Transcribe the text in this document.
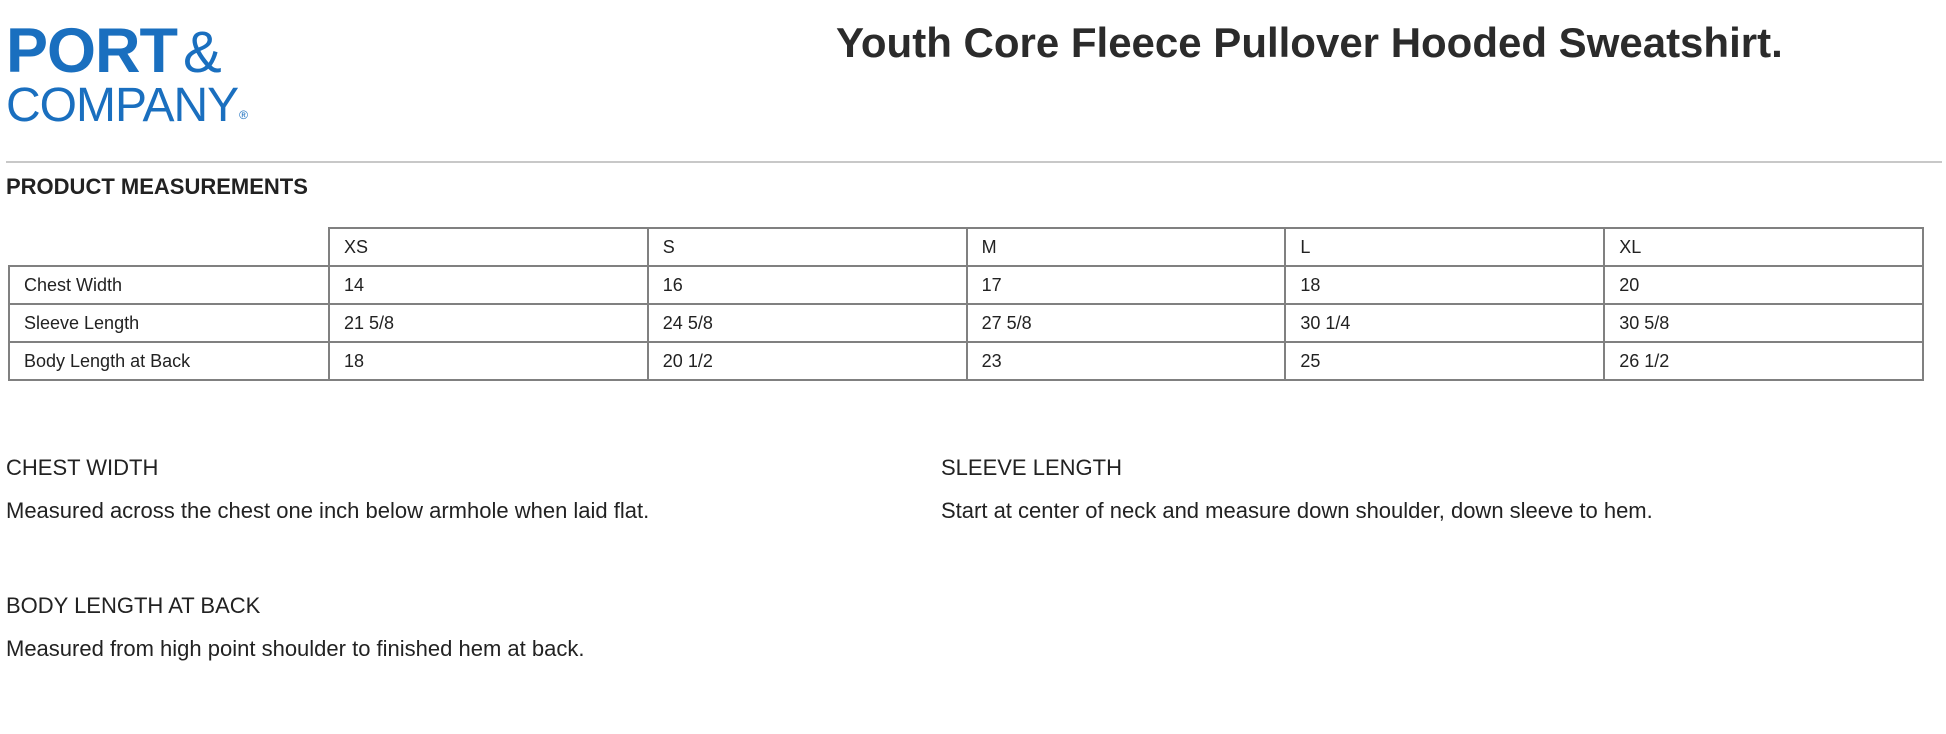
PORT &
COMPANY®
Youth Core Fleece Pullover Hooded Sweatshirt.
PRODUCT MEASUREMENTS
	XS	S	M	L	XL
Chest Width	14	16	17	18	20
Sleeve Length	21 5/8	24 5/8	27 5/8	30 1/4	30 5/8
Body Length at Back	18	20 1/2	23	25	26 1/2
CHEST WIDTH
Measured across the chest one inch below armhole when laid flat.
SLEEVE LENGTH
Start at center of neck and measure down shoulder, down sleeve to hem.
BODY LENGTH AT BACK
Measured from high point shoulder to finished hem at back.
